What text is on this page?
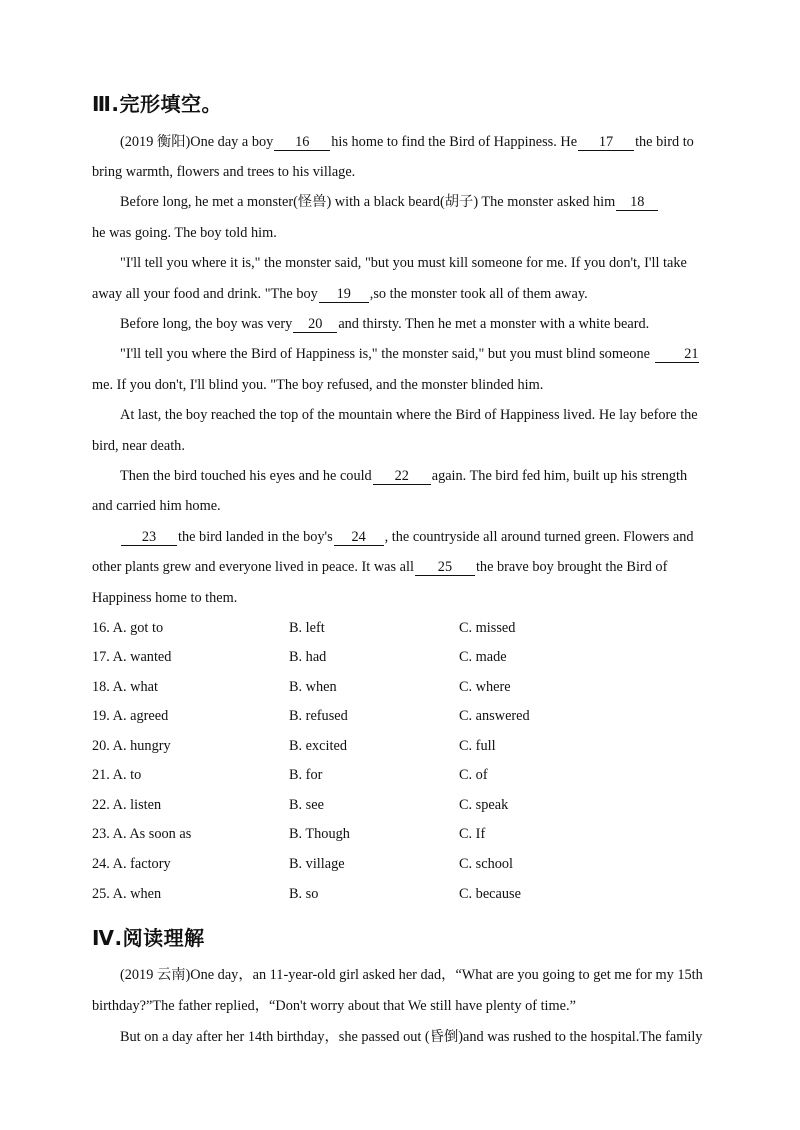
Ⅲ.完形填空。
(2019 衡阳)One day a boy 16 his home to find the Bird of Happiness. He 17 the bird to
bring warmth, flowers and trees to his village.
Before long, he met a monster(怪兽) with a black beard(胡子) The monster asked him 18
he was going. The boy told him.
"I'll tell you where it is," the monster said, "but you must kill someone for me. If you don't, I'll take
away all your food and drink. "The boy 19 ,so the monster took all of them away.
Before long, the boy was very 20 and thirsty. Then he met a monster with a white beard.
"I'll tell you where the Bird of Happiness is," the monster said," but you must blind someone 21
me. If you don't, I'll blind you. "The boy refused, and the monster blinded him.
At last, the boy reached the top of the mountain where the Bird of Happiness lived. He lay before the
bird, near death.
Then the bird touched his eyes and he could 22 again. The bird fed him, built up his strength
and carried him home.
23 the bird landed in the boy's 24 , the countryside all around turned green. Flowers and
other plants grew and everyone lived in peace. It was all 25 the brave boy brought the Bird of
Happiness home to them.
16. A. got to	B. left	C. missed
17. A. wanted	B. had	C. made
18. A. what	B. when	C. where
19. A. agreed	B. refused	C. answered
20. A. hungry	B. excited	C. full
21. A. to	B. for	C. of
22. A. listen	B. see	C. speak
23. A. As soon as	B. Though	C. If
24. A. factory	B. village	C. school
25. A. when	B. so	C. because
Ⅳ.阅读理解
(2019 云南)One day，an 11-year-old girl asked her dad，“What are you going to get me for my 15th
birthday?”The father replied，“Don't worry about that We still have plenty of time.”
But on a day after her 14th birthday，she passed out (昏倒)and was rushed to the hospital.The family
